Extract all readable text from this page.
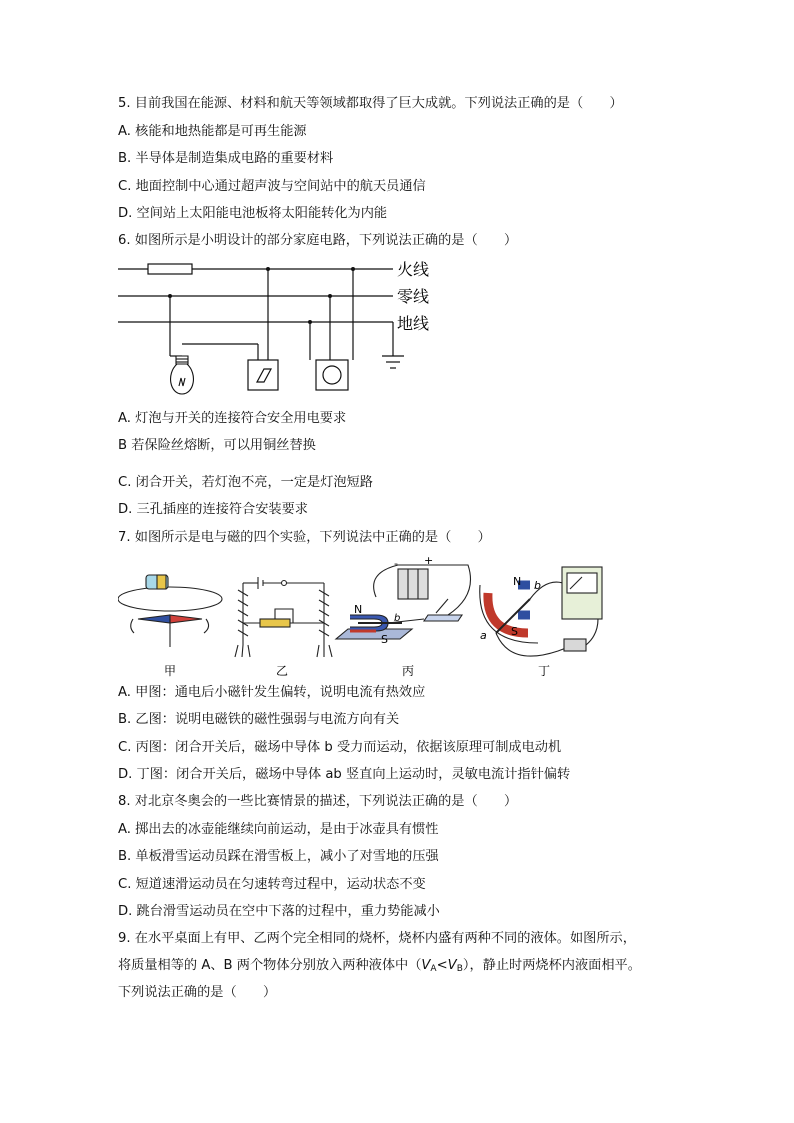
5. 目前我国在能源、材料和航天等领域都取得了巨大成就。下列说法正确的是（　　）
A. 核能和地热能都是可再生能源
B. 半导体是制造集成电路的重要材料
C. 地面控制中心通过超声波与空间站中的航天员通信
D. 空间站上太阳能电池板将太阳能转化为内能
6. 如图所示是小明设计的部分家庭电路，下列说法正确的是（　　）
火线
零线
地线
A. 灯泡与开关的连接符合安全用电要求
B 若保险丝熔断，可以用铜丝替换
C. 闭合开关，若灯泡不亮，一定是灯泡短路
D. 三孔插座的连接符合安装要求
7. 如图所示是电与磁的四个实验，下列说法中正确的是（　　）
甲	乙
- +
N
S
b
丙
N
S
a
b
丁
A. 甲图：通电后小磁针发生偏转，说明电流有热效应
B. 乙图：说明电磁铁的磁性强弱与电流方向有关
C. 丙图：闭合开关后，磁场中导体 b 受力而运动，依据该原理可制成电动机
D. 丁图：闭合开关后，磁场中导体 ab 竖直向上运动时，灵敏电流计指针偏转
8. 对北京冬奥会的一些比赛情景的描述，下列说法正确的是（　　）
A. 掷出去的冰壶能继续向前运动，是由于冰壶具有惯性
B. 单板滑雪运动员踩在滑雪板上，减小了对雪地的压强
C. 短道速滑运动员在匀速转弯过程中，运动状态不变
D. 跳台滑雪运动员在空中下落的过程中，重力势能减小
9. 在水平桌面上有甲、乙两个完全相同的烧杯，烧杯内盛有两种不同的液体。如图所示，
将质量相等的 A、B 两个物体分别放入两种液体中$(V_A<V_B)$，静止时两烧杯内液面相平。
下列说法正确的是（　　）
